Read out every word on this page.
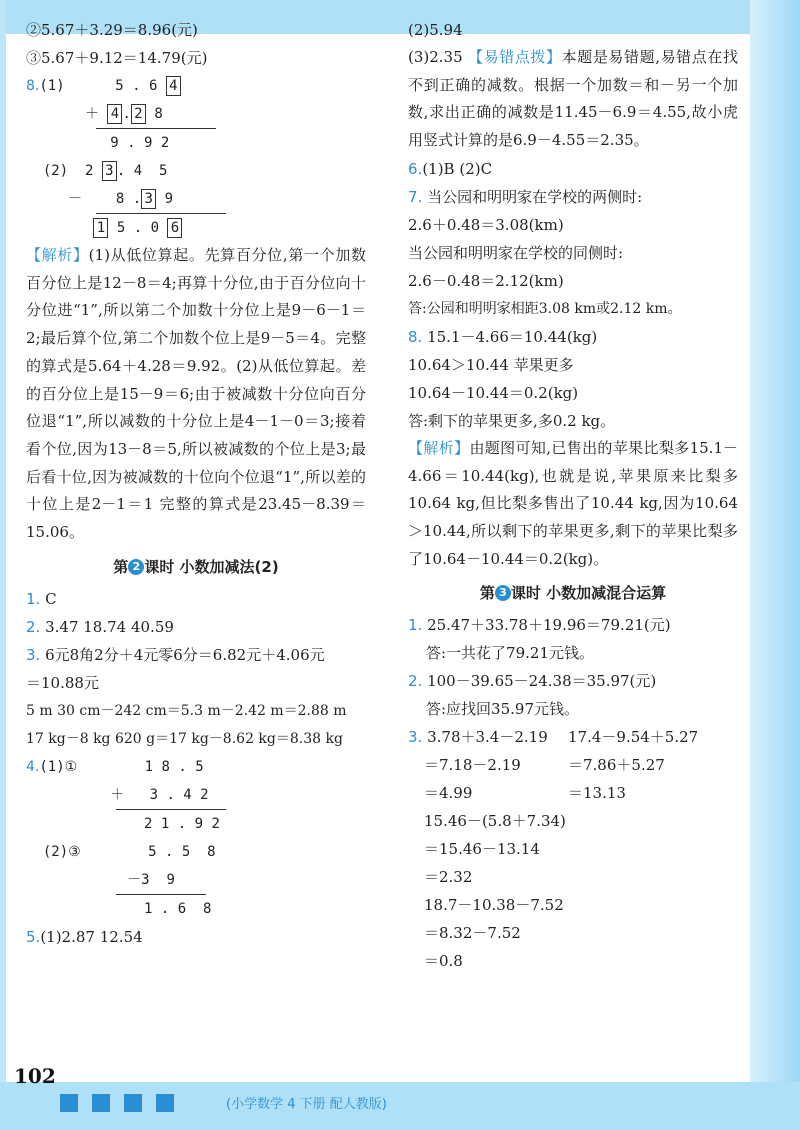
②5.67＋3.29＝8.96(元)
③5.67＋9.12＝14.79(元)
8.(1)	5 . 6 4
＋ 4 . 2 8
9 . 9 2
(2) 2 3 . 4  5
－ 8 . 3 9
1 5 . 0 6
【解析】(1)从低位算起。先算百分位,第一个加数百分位上是12－8＝4;再算十分位,由于百分位向十分位进“1”,所以第二个加数十分位上是9－6－1＝2;最后算个位,第二个加数个位上是9－5＝4。完整的算式是5.64＋4.28＝9.92。(2)从低位算起。差的百分位上是15－9＝6;由于被减数十分位向百分位退“1”,所以减数的十分位上是4－1－0＝3;接着看个位,因为13－8＝5,所以被减数的个位上是3;最后看十位,因为被减数的十位向个位退“1”,所以差的十位上是2－1＝1 完整的算式是23.45－8.39＝15.06。
第 2 课时 小数加减法(2)
1. C
2. 3.47 18.74 40.59
3. 6元8角2分＋4元零6分＝6.82元＋4.06元
＝10.88元
5 m 30 cm－242 cm＝5.3 m－2.42 m＝2.88 m
17 kg－8 kg 620 g＝17 kg－8.62 kg＝8.38 kg
4.(1)①	1 8 . 5
＋   3 . 4 2
2 1 . 9 2
(2)③	5 . 5  8
－3  9
1 . 6  8
5.(1)2.87 12.54
(2)5.94
(3)2.35 【易错点拨】本题是易错题,易错点在找不到正确的减数。根据一个加数＝和－另一个加数,求出正确的减数是11.45－6.9＝4.55,故小虎用竖式计算的是6.9－4.55＝2.35。
6.(1)B (2)C
7. 当公园和明明家在学校的两侧时:
2.6＋0.48＝3.08(km)
当公园和明明家在学校的同侧时:
2.6－0.48＝2.12(km)
答:公园和明明家相距3.08 km或2.12 km。
8. 15.1－4.66＝10.44(kg)
10.64＞10.44 苹果更多
10.64－10.44＝0.2(kg)
答:剩下的苹果更多,多0.2 kg。
【解析】由题图可知,已售出的苹果比梨多15.1－4.66＝10.44(kg),也就是说,苹果原来比梨多10.64 kg,但比梨多售出了10.44 kg,因为10.64＞10.44,所以剩下的苹果更多,剩下的苹果比梨多了10.64－10.44＝0.2(kg)。
第 3 课时 小数加减混合运算
1. 25.47＋33.78＋19.96＝79.21(元)
答:一共花了79.21元钱。
2. 100－39.65－24.38＝35.97(元)
答:应找回35.97元钱。
3. 3.78＋3.4－2.19
＝7.18－2.19
＝4.99
17.4－9.54＋5.27
＝7.86＋5.27
＝13.13
15.46－(5.8＋7.34)
＝15.46－13.14
＝2.32
18.7－10.38－7.52
＝8.32－7.52
＝0.8
102
(小学数学 4 下册 配人教版)
